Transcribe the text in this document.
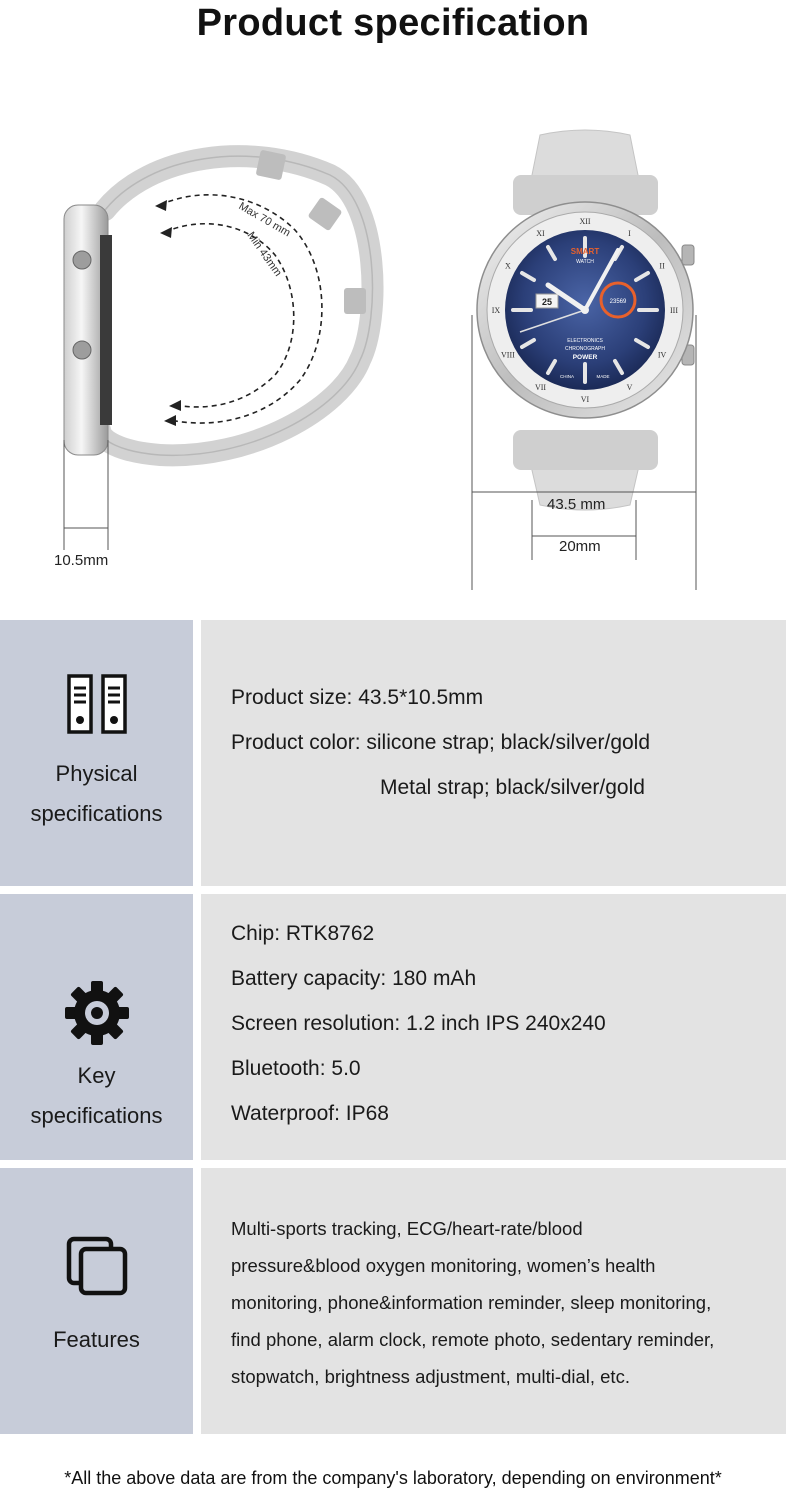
Product specification
Max 70 mm
Min 43mm	SMART
WATCH
25	23569
ELECTRONICS
CHRONOGRAPH
POWER
CHINA	MADE
XII
I
II
III
IV
V
VI
VII
VIII
IX
X
XI
10.5mm
43.5 mm
20mm
Physical
specifications
Product size: 43.5*10.5mm
Product color: silicone strap; black/silver/gold
Metal strap; black/silver/gold
Key
specifications
Chip: RTK8762
Battery capacity: 180 mAh
Screen resolution: 1.2 inch IPS 240x240
Bluetooth: 5.0
Waterproof: IP68
Features
Multi-sports tracking, ECG/heart-rate/blood
pressure&blood oxygen monitoring, women’s health
monitoring, phone&information reminder, sleep monitoring,
find phone, alarm clock, remote photo, sedentary reminder,
stopwatch, brightness adjustment, multi-dial, etc.
*All the above data are from the company's laboratory, depending on environment*
